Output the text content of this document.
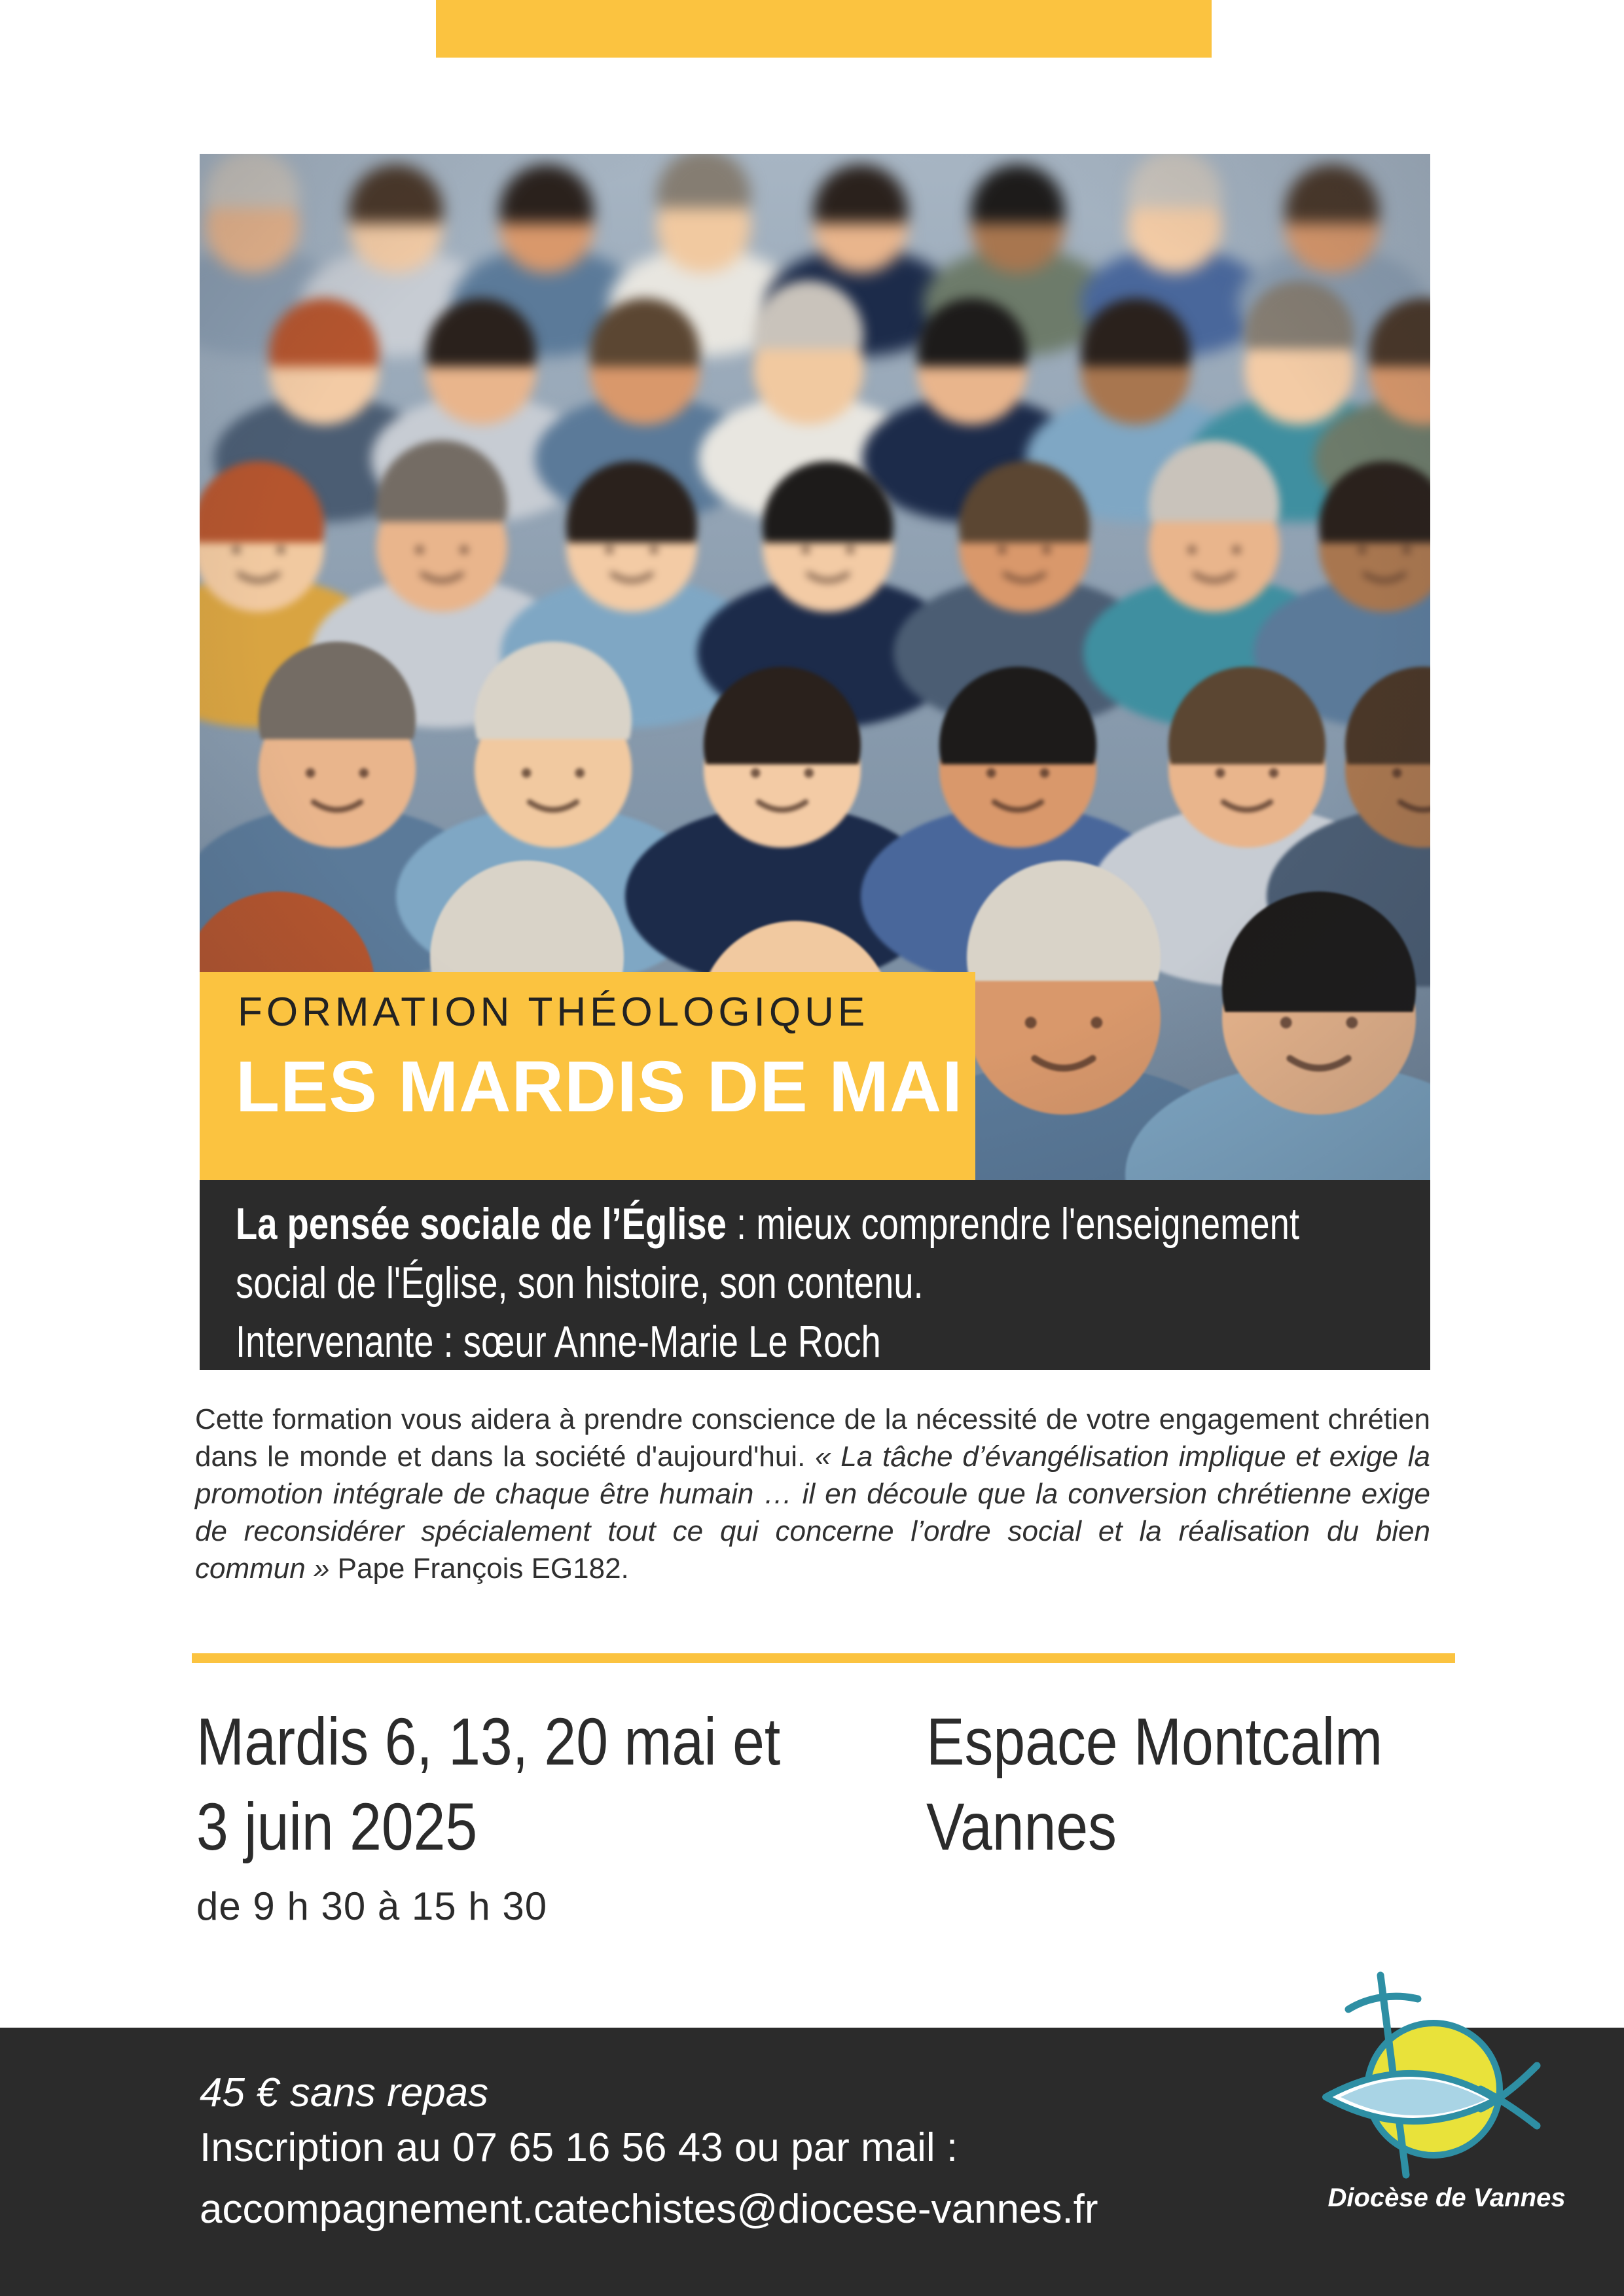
FORMATION THÉOLOGIQUE
LES MARDIS DE MAI
La pensée sociale de l’Église : mieux comprendre l'enseignement
social de l'Église, son histoire, son contenu.
Intervenante : sœur Anne-Marie Le Roch
Cette formation vous aidera à prendre conscience de la nécessité de votre engagement chrétien dans le monde et dans la société d'aujourd'hui. « La tâche d’évangélisation implique et exige la promotion intégrale de chaque être humain … il en découle que la conversion chrétienne exige de reconsidérer spécialement tout ce qui concerne l’ordre social et la réalisation du bien commun » Pape François EG182.
Mardis 6, 13, 20 mai et
3 juin 2025
Espace Montcalm
Vannes
de 9 h 30 à 15 h 30
45 € sans repas
Inscription au 07 65 16 56 43 ou par mail :
accompagnement.catechistes@diocese-vannes.fr	Diocèse de Vannes
